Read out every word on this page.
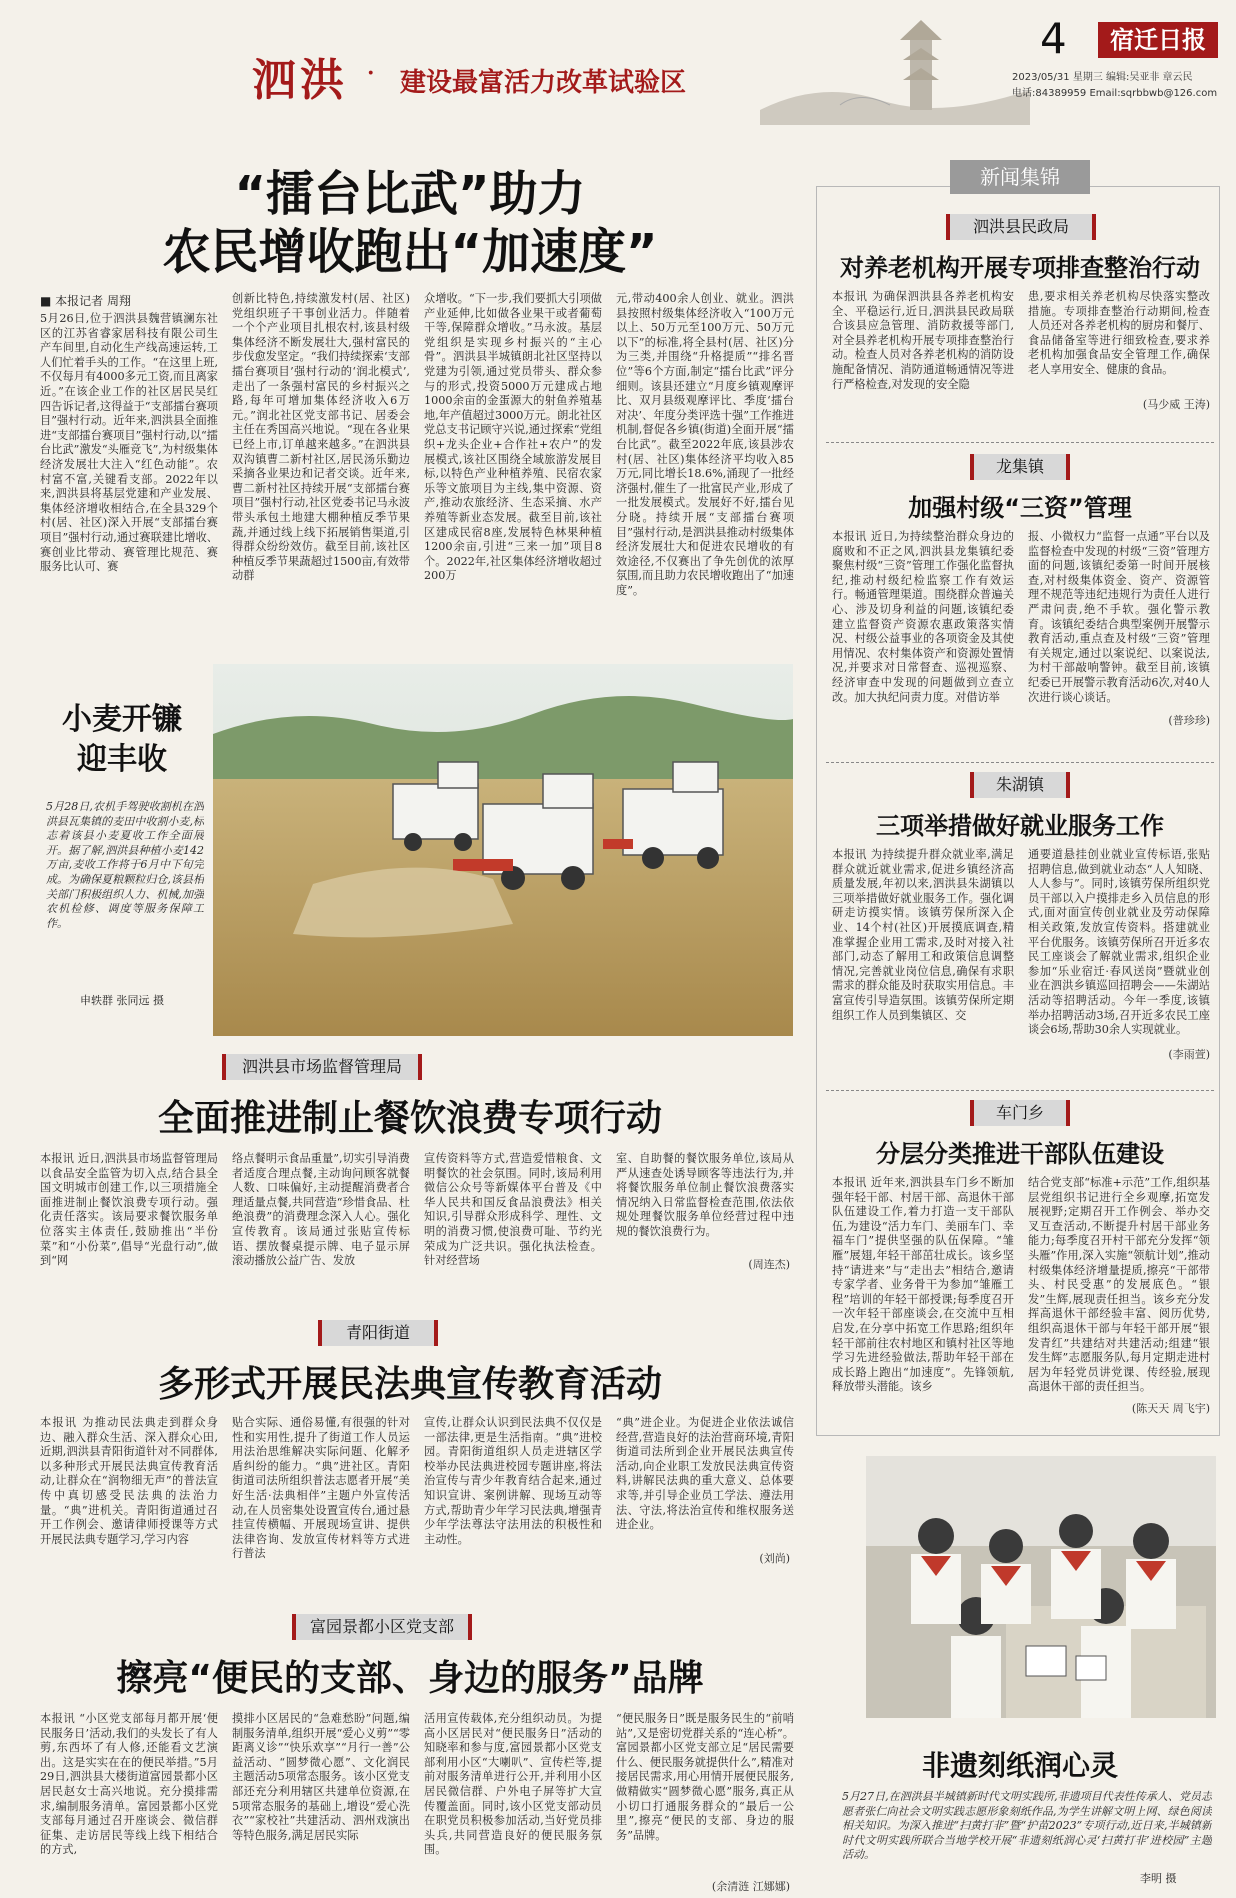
泗洪 · 建设最富活力改革试验区
4	宿迁日报
2023/05/31 星期三 编辑:吴亚非 章云民
电话:84389959 Email:sqrbbwb@126.com
“擂台比武”助力
农民增收跑出“加速度”
■ 本报记者 周翔
5月26日,位于泗洪县魏营镇澜东社区的江苏省睿家居科技有限公司生产车间里,自动化生产线高速运转,工人们忙着手头的工作。“在这里上班,不仅每月有4000多元工资,而且离家近。”在该企业工作的社区居民吴红四告诉记者,这得益于“支部擂台赛项目”强村行动。近年来,泗洪县全面推进“支部擂台赛项目”强村行动,以“擂台比武”激发“头雁竞飞”,为村级集体经济发展壮大注入“红色动能”。农村富不富,关键看支部。2022年以来,泗洪县将基层党建和产业发展、集体经济增收相结合,在全县329个村(居、社区)深入开展“支部擂台赛项目”强村行动,通过赛联建比增收、赛创业比带动、赛管理比规范、赛服务比认可、赛
创新比特色,持续激发村(居、社区)党组织班子干事创业活力。伴随着一个个产业项目扎根农村,该县村级集体经济不断发展壮大,强村富民的步伐愈发坚定。“我们持续探索‘支部擂台赛项目’强村行动的‘润北模式’,走出了一条强村富民的乡村振兴之路,每年可增加集体经济收入6万元。”润北社区党支部书记、居委会主任在秀国高兴地说。“现在各业果已经上市,订单越来越多。”在泗洪县双沟镇曹二新村社区,居民汤乐勤边采摘各业果边和记者交谈。近年来,曹二新村社区持续开展“支部擂台赛项目”强村行动,社区党委书记马永波带头承包土地建大棚种植反季节果蔬,并通过线上线下拓展销售渠道,引得群众纷纷效仿。截至目前,该社区种植反季节果蔬超过1500亩,有效带动群
众增收。“下一步,我们要抓大引项做产业延伸,比如做各业果干或者葡萄干等,保障群众增收。”马永波。基层党组织是实现乡村振兴的“主心骨”。泗洪县半城镇朗北社区坚持以党建为引领,通过党员带头、群众参与的形式,投资5000万元建成占地1000余亩的金蛋源大的射鱼养殖基地,年产值超过3000万元。朗北社区党总支书记顾守兴说,通过探索“党组织+龙头企业+合作社+农户”的发展模式,该社区围绕全域旅游发展目标,以特色产业种植养殖、民宿农家乐等文旅项目为主线,集中资源、资产,推动农旅经济、生态采摘、水产养殖等新业态发展。截至目前,该社区建成民宿8座,发展特色林果种植1200余亩,引进“三来一加”项目8个。2022年,社区集体经济增收超过200万
元,带动400余人创业、就业。泗洪县按照村级集体经济收入“100万元以上、50万元至100万元、50万元以下”的标准,将全县村(居、社区)分为三类,并围绕“升格提质”“排名晋位”等6个方面,制定“擂台比武”评分细则。该县还建立“月度乡镇观摩评比、双月县级观摩评比、季度‘擂台对决’、年度分类评选十强”工作推进机制,督促各乡镇(街道)全面开展“擂台比武”。截至2022年底,该县涉农村(居、社区)集体经济平均收入85万元,同比增长18.6%,涌现了一批经济强村,催生了一批富民产业,形成了一批发展模式。发展好不好,擂台见分晓。持续开展“支部擂台赛项目”强村行动,是泗洪县推动村级集体经济发展壮大和促进农民增收的有效途径,不仅赛出了争先创优的浓厚氛围,而且助力农民增收跑出了“加速度”。
小麦开镰
迎丰收
5月28日,农机手驾驶收割机在泗洪县瓦集镇的麦田中收割小麦,标志着该县小麦夏收工作全面展开。据了解,泗洪县种植小麦142万亩,麦收工作将于6月中下旬完成。为确保夏粮颗粒归仓,该县相关部门积极组织人力、机械,加强农机检修、调度等服务保障工作。
申轶群 张同远 摄
泗洪县市场监督管理局
全面推进制止餐饮浪费专项行动
本报讯 近日,泗洪县市场监督管理局以食品安全监管为切入点,结合县全国文明城市创建工作,以三项措施全面推进制止餐饮浪费专项行动。强化责任落实。该局要求餐饮服务单位落实主体责任,鼓励推出“半份菜”和“小份菜”,倡导“光盘行动”,做到“网
络点餐明示食品重量”,切实引导消费者适度合理点餐,主动询问顾客就餐人数、口味偏好,主动提醒消费者合理适量点餐,共同营造“珍惜食品、杜绝浪费”的消费理念深入人心。强化宣传教育。该局通过张贴宣传标语、摆放餐桌提示牌、电子显示屏滚动播放公益广告、发放
宣传资料等方式,营造爱惜粮食、文明餐饮的社会氛围。同时,该局利用微信公众号等新媒体平台普及《中华人民共和国反食品浪费法》相关知识,引导群众形成科学、理性、文明的消费习惯,使浪费可耻、节约光荣成为广泛共识。强化执法检查。针对经营场
室、自助餐的餐饮服务单位,该局从严从速查处诱导顾客等违法行为,并将餐饮服务单位制止餐饮浪费落实情况纳入日常监督检查范围,依法依规处理餐饮服务单位经营过程中违规的餐饮浪费行为。
(周连杰)
青阳街道
多形式开展民法典宣传教育活动
本报讯 为推动民法典走到群众身边、融入群众生活、深入群众心田,近期,泗洪县青阳街道针对不同群体,以多种形式开展民法典宣传教育活动,让群众在“润物细无声”的普法宣传中真切感受民法典的法治力量。“典”进机关。青阳街道通过召开工作例会、邀请律师授课等方式开展民法典专题学习,学习内容
贴合实际、通俗易懂,有很强的针对性和实用性,提升了街道工作人员运用法治思维解决实际问题、化解矛盾纠纷的能力。“典”进社区。青阳街道司法所组织普法志愿者开展“美好生活·法典相伴”主题户外宣传活动,在人员密集处设置宣传台,通过悬挂宣传横幅、开展现场宣讲、提供法律咨询、发放宣传材料等方式进行普法
宣传,让群众认识到民法典不仅仅是一部法律,更是生活指南。“典”进校园。青阳街道组织人员走进辖区学校举办民法典进校园专题讲座,将法治宣传与青少年教育结合起来,通过知识宣讲、案例讲解、现场互动等方式,帮助青少年学习民法典,增强青少年学法尊法守法用法的积极性和主动性。
“典”进企业。为促进企业依法诚信经营,营造良好的法治营商环境,青阳街道司法所到企业开展民法典宣传活动,向企业职工发放民法典宣传资料,讲解民法典的重大意义、总体要求等,并引导企业员工学法、遵法用法、守法,将法治宣传和维权服务送进企业。
(刘尚)
富园景都小区党支部
擦亮“便民的支部、身边的服务”品牌
本报讯 “小区党支部每月都开展‘便民服务日’活动,我们的头发长了有人剪,东西坏了有人修,还能看文艺演出。这是实实在在的便民举措。”5月29日,泗洪县大楼街道富园景都小区居民赵女士高兴地说。充分摸排需求,编制服务清单。富园景都小区党支部每月通过召开座谈会、微信群征集、走访居民等线上线下相结合的方式,
摸排小区居民的“急难愁盼”问题,编制服务清单,组织开展“爱心义剪”“零距离义诊”“快乐欢享”“月行一善”公益活动、“圆梦微心愿”、文化润民主题活动5项常态服务。该小区党支部还充分利用辖区共建单位资源,在5项常态服务的基础上,增设“爱心洗衣”“家校社”共建活动、泗州戏演出等特色服务,满足居民实际
活用宣传载体,充分组织动员。为提高小区居民对“便民服务日”活动的知晓率和参与度,富园景都小区党支部利用小区“大喇叭”、宣传栏等,提前对服务清单进行公开,并利用小区居民微信群、户外电子屏等扩大宣传覆盖面。同时,该小区党支部动员在职党员积极参加活动,当好党员排头兵,共同营造良好的便民服务氛围。
“便民服务日”既是服务民生的“前哨站”,又是密切党群关系的“连心桥”。富园景都小区党支部立足“居民需要什么、便民服务就提供什么”,精准对接居民需求,用心用情开展便民服务,做精做实“圆梦微心愿”服务,真正从小切口打通服务群众的“最后一公里”,擦亮“便民的支部、身边的服务”品牌。
(余清涟 江娜娜)
新闻集锦
泗洪县民政局
对养老机构开展专项排查整治行动
本报讯 为确保泗洪县各养老机构安全、平稳运行,近日,泗洪县民政局联合该县应急管理、消防救援等部门,对全县养老机构开展专项排查整治行动。检查人员对各养老机构的消防设施配备情况、消防通道畅通情况等进行严格检查,对发现的安全隐
患,要求相关养老机构尽快落实整改措施。专项排查整治行动期间,检查人员还对各养老机构的厨房和餐厅、食品储备室等进行细致检查,要求养老机构加强食品安全管理工作,确保老人享用安全、健康的食品。
(马少威 王涛)
龙集镇
加强村级“三资”管理
本报讯 近日,为持续整治群众身边的腐败和不正之风,泗洪县龙集镇纪委聚焦村级“三资”管理工作强化监督执纪,推动村级纪检监察工作有效运行。畅通管理渠道。围绕群众普遍关心、涉及切身利益的问题,该镇纪委建立监督资产资源农惠政策落实情况、村级公益事业的各项资金及其使用情况、农村集体资产和资源处置情况,并要求对日常督查、巡视巡察、经济审查中发现的问题做到立查立改。加大执纪问责力度。对借访举
报、小微权力“监督一点通”平台以及监督检查中发现的村级“三资”管理方面的问题,该镇纪委第一时间开展核查,对村级集体资金、资产、资源管理不规范等违纪违规行为责任人进行严肃问责,绝不手软。强化警示教育。该镇纪委结合典型案例开展警示教育活动,重点查及村级“三资”管理有关规定,通过以案说纪、以案说法,为村干部敲响警钟。截至目前,该镇纪委已开展警示教育活动6次,对40人次进行谈心谈话。
(普珍珍)
朱湖镇
三项举措做好就业服务工作
本报讯 为持续提升群众就业率,满足群众就近就业需求,促进乡镇经济高质量发展,年初以来,泗洪县朱湖镇以三项举措做好就业服务工作。强化调研走访摸实情。该镇劳保所深入企业、14个村(社区)开展摸底调查,精准掌握企业用工需求,及时对接入社部门,动态了解用工和政策信息调整情况,完善就业岗位信息,确保有求职需求的群众能及时获取实用信息。丰富宣传引导造氛围。该镇劳保所定期组织工作人员到集镇区、交
通要道悬挂创业就业宣传标语,张贴招聘信息,做到就业动态“人人知晓、人人参与”。同时,该镇劳保所组织党员干部以入户摸排走乡入员信息的形式,面对面宣传创业就业及劳动保障相关政策,发放宣传资料。搭建就业平台优服务。该镇劳保所召开近多农民工座谈会了解就业需求,组织企业参加“乐业宿迁·春风送岗”暨就业创业在泗洪乡镇巡回招聘会——朱湖站活动等招聘活动。今年一季度,该镇举办招聘活动3场,召开近多农民工座谈会6场,帮助30余人实现就业。
(李雨萱)
车门乡
分层分类推进干部队伍建设
本报讯 近年来,泗洪县车门乡不断加强年轻干部、村居干部、高退休干部队伍建设工作,着力打造一支干部队伍,为建设“活力车门、美丽车门、幸福车门”提供坚强的队伍保障。“雏雁”展翅,年轻干部茁壮成长。该乡坚持“请进来”与“走出去”相结合,邀请专家学者、业务骨干为参加“雏雁工程”培训的年轻干部授课;每季度召开一次年轻干部座谈会,在交流中互相启发,在分享中拓宽工作思路;组织年轻干部前往农村地区和镇村社区等地学习先进经验做法,帮助年轻干部在成长路上跑出“加速度”。先锋领航,释放带头潜能。该乡
结合党支部“标准+示范”工作,组织基层党组织书记进行全乡观摩,拓宽发展视野;定期召开工作例会、举办交叉互查活动,不断提升村居干部业务能力;每季度召开村干部充分发挥“领头雁”作用,深入实施“领航计划”,推动村级集体经济增量提质,擦亮“干部带头、村民受惠”的发展底色。“银发”生辉,展现责任担当。该乡充分发挥高退休干部经验丰富、阅历优势,组织高退休干部与年轻干部开展“银发青红”共建结对共建活动;组建“银发生辉”志愿服务队,每月定期走进村居为年轻党员讲党课、传经验,展现高退休干部的责任担当。
(陈天天 周飞宇)
非遗刻纸润心灵
5月27日,在泗洪县半城镇新时代文明实践所,非遗项目代表性传承人、党员志愿者张仁向社会文明实践志愿形象刻纸作品,为学生讲解文明上网、绿色阅读相关知识。为深入推进“扫黄打非”暨“护苗2023”专项行动,近日来,半城镇新时代文明实践所联合当地学校开展“非遗刻纸润心灵‘扫黄打非’进校园”主题活动。
李明 摄
